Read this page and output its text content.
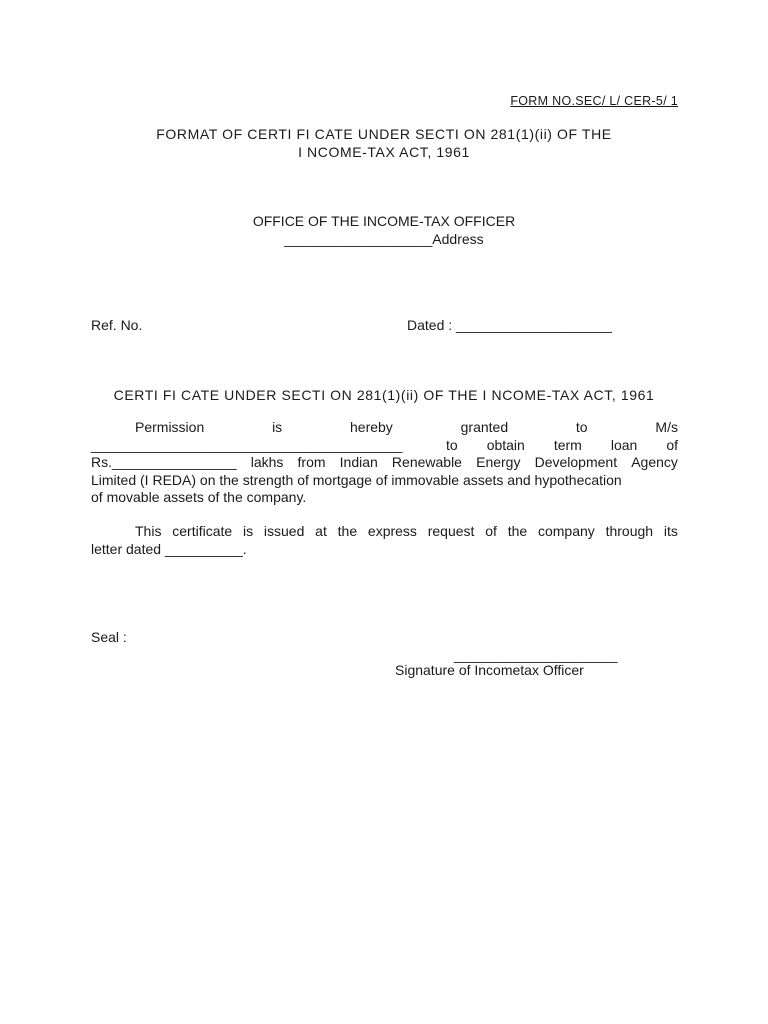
FORM NO.SEC/ L/ CER-5/ 1
FORMAT OF CERTI FI CATE UNDER SECTI ON 281(1)(ii) OF THE
I NCOME-TAX ACT, 1961
OFFICE OF THE INCOME-TAX OFFICER
___________________Address
Ref. No.	Dated : ____________________
CERTI FI CATE UNDER SECTI ON 281(1)(ii) OF THE I NCOME-TAX ACT, 1961
Permission	is	hereby	granted	to	M/s
________________________________________	to obtain term loan of
Rs.________________ lakhs from Indian Renewable Energy Development Agency
Limited (I REDA) on the strength of mortgage of immovable assets and hypothecation
of movable assets of the company.
This certificate is issued at the express request of the company through its
letter dated __________.
Seal :
_____________________
Signature of Incometax Officer
